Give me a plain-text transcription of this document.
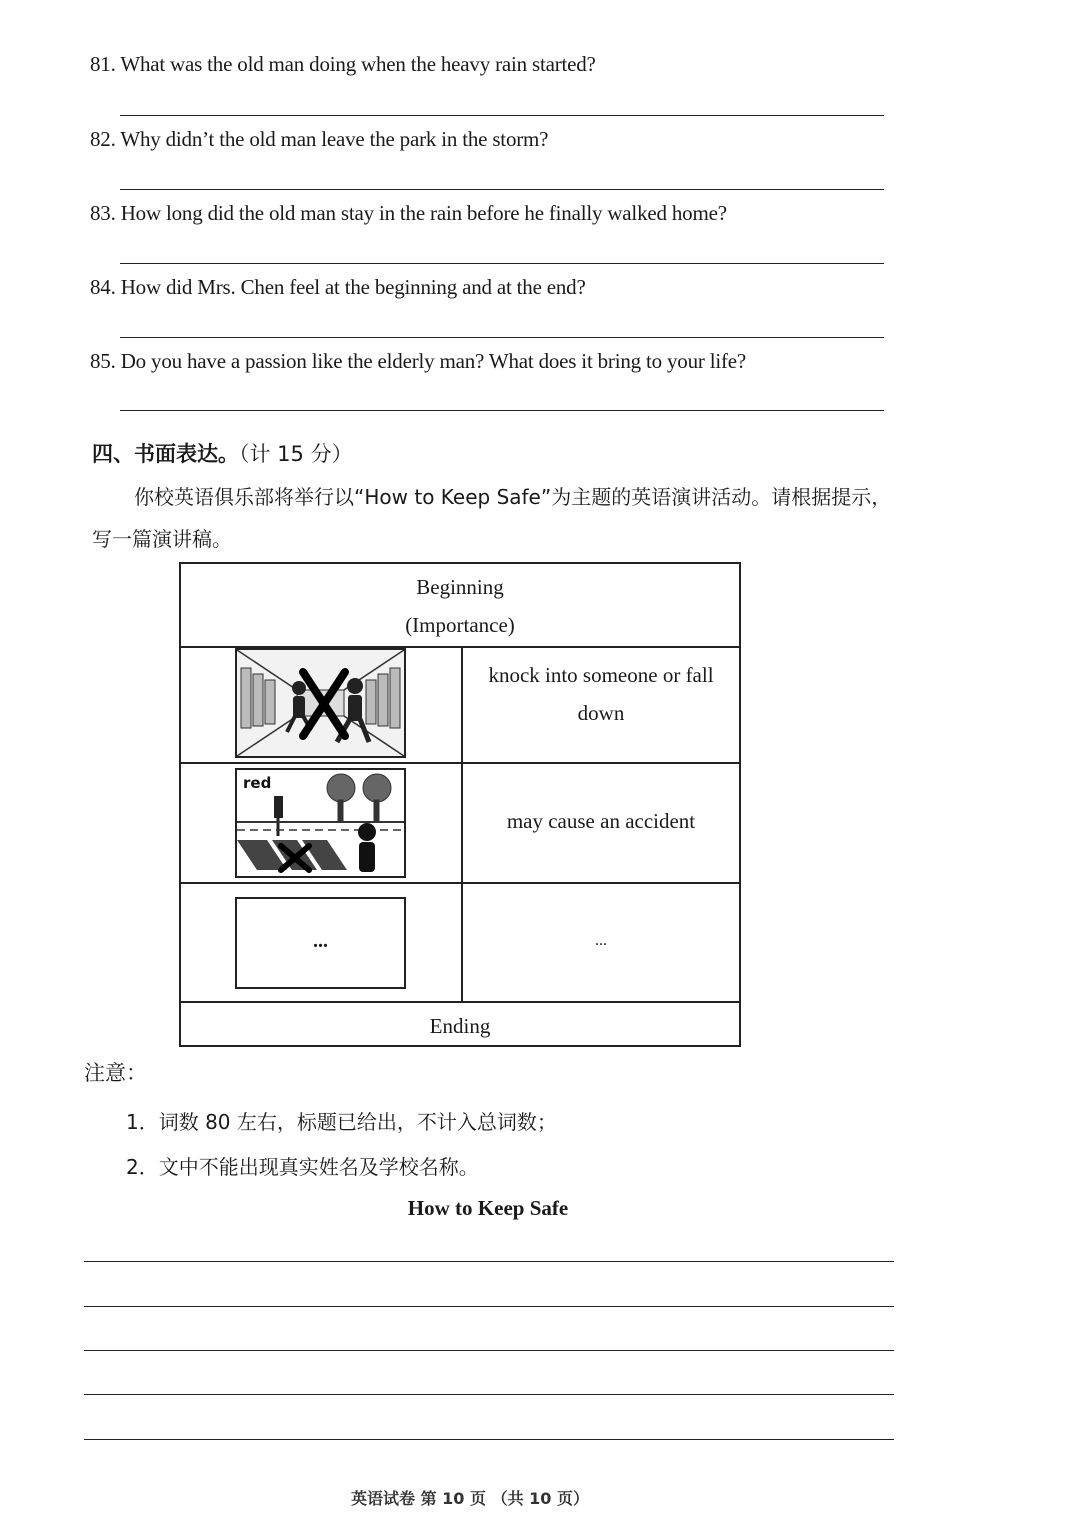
81. What was the old man doing when the heavy rain started?
82. Why didn’t the old man leave the park in the storm?
83. How long did the old man stay in the rain before he finally walked home?
84. How did Mrs. Chen feel at the beginning and at the end?
85. Do you have a passion like the elderly man? What does it bring to your life?
四、书面表达。（计 15 分）
你校英语俱乐部将举行以“How to Keep Safe”为主题的英语演讲活动。请根据提示，
写一篇演讲稿。
Beginning
(Importance)
knock into someone or fall
down
red
may cause an accident
...	...
Ending
注意：
1．词数 80 左右，标题已给出，不计入总词数；
2．文中不能出现真实姓名及学校名称。
How to Keep Safe
英语试卷 第 10 页 （共 10 页）
